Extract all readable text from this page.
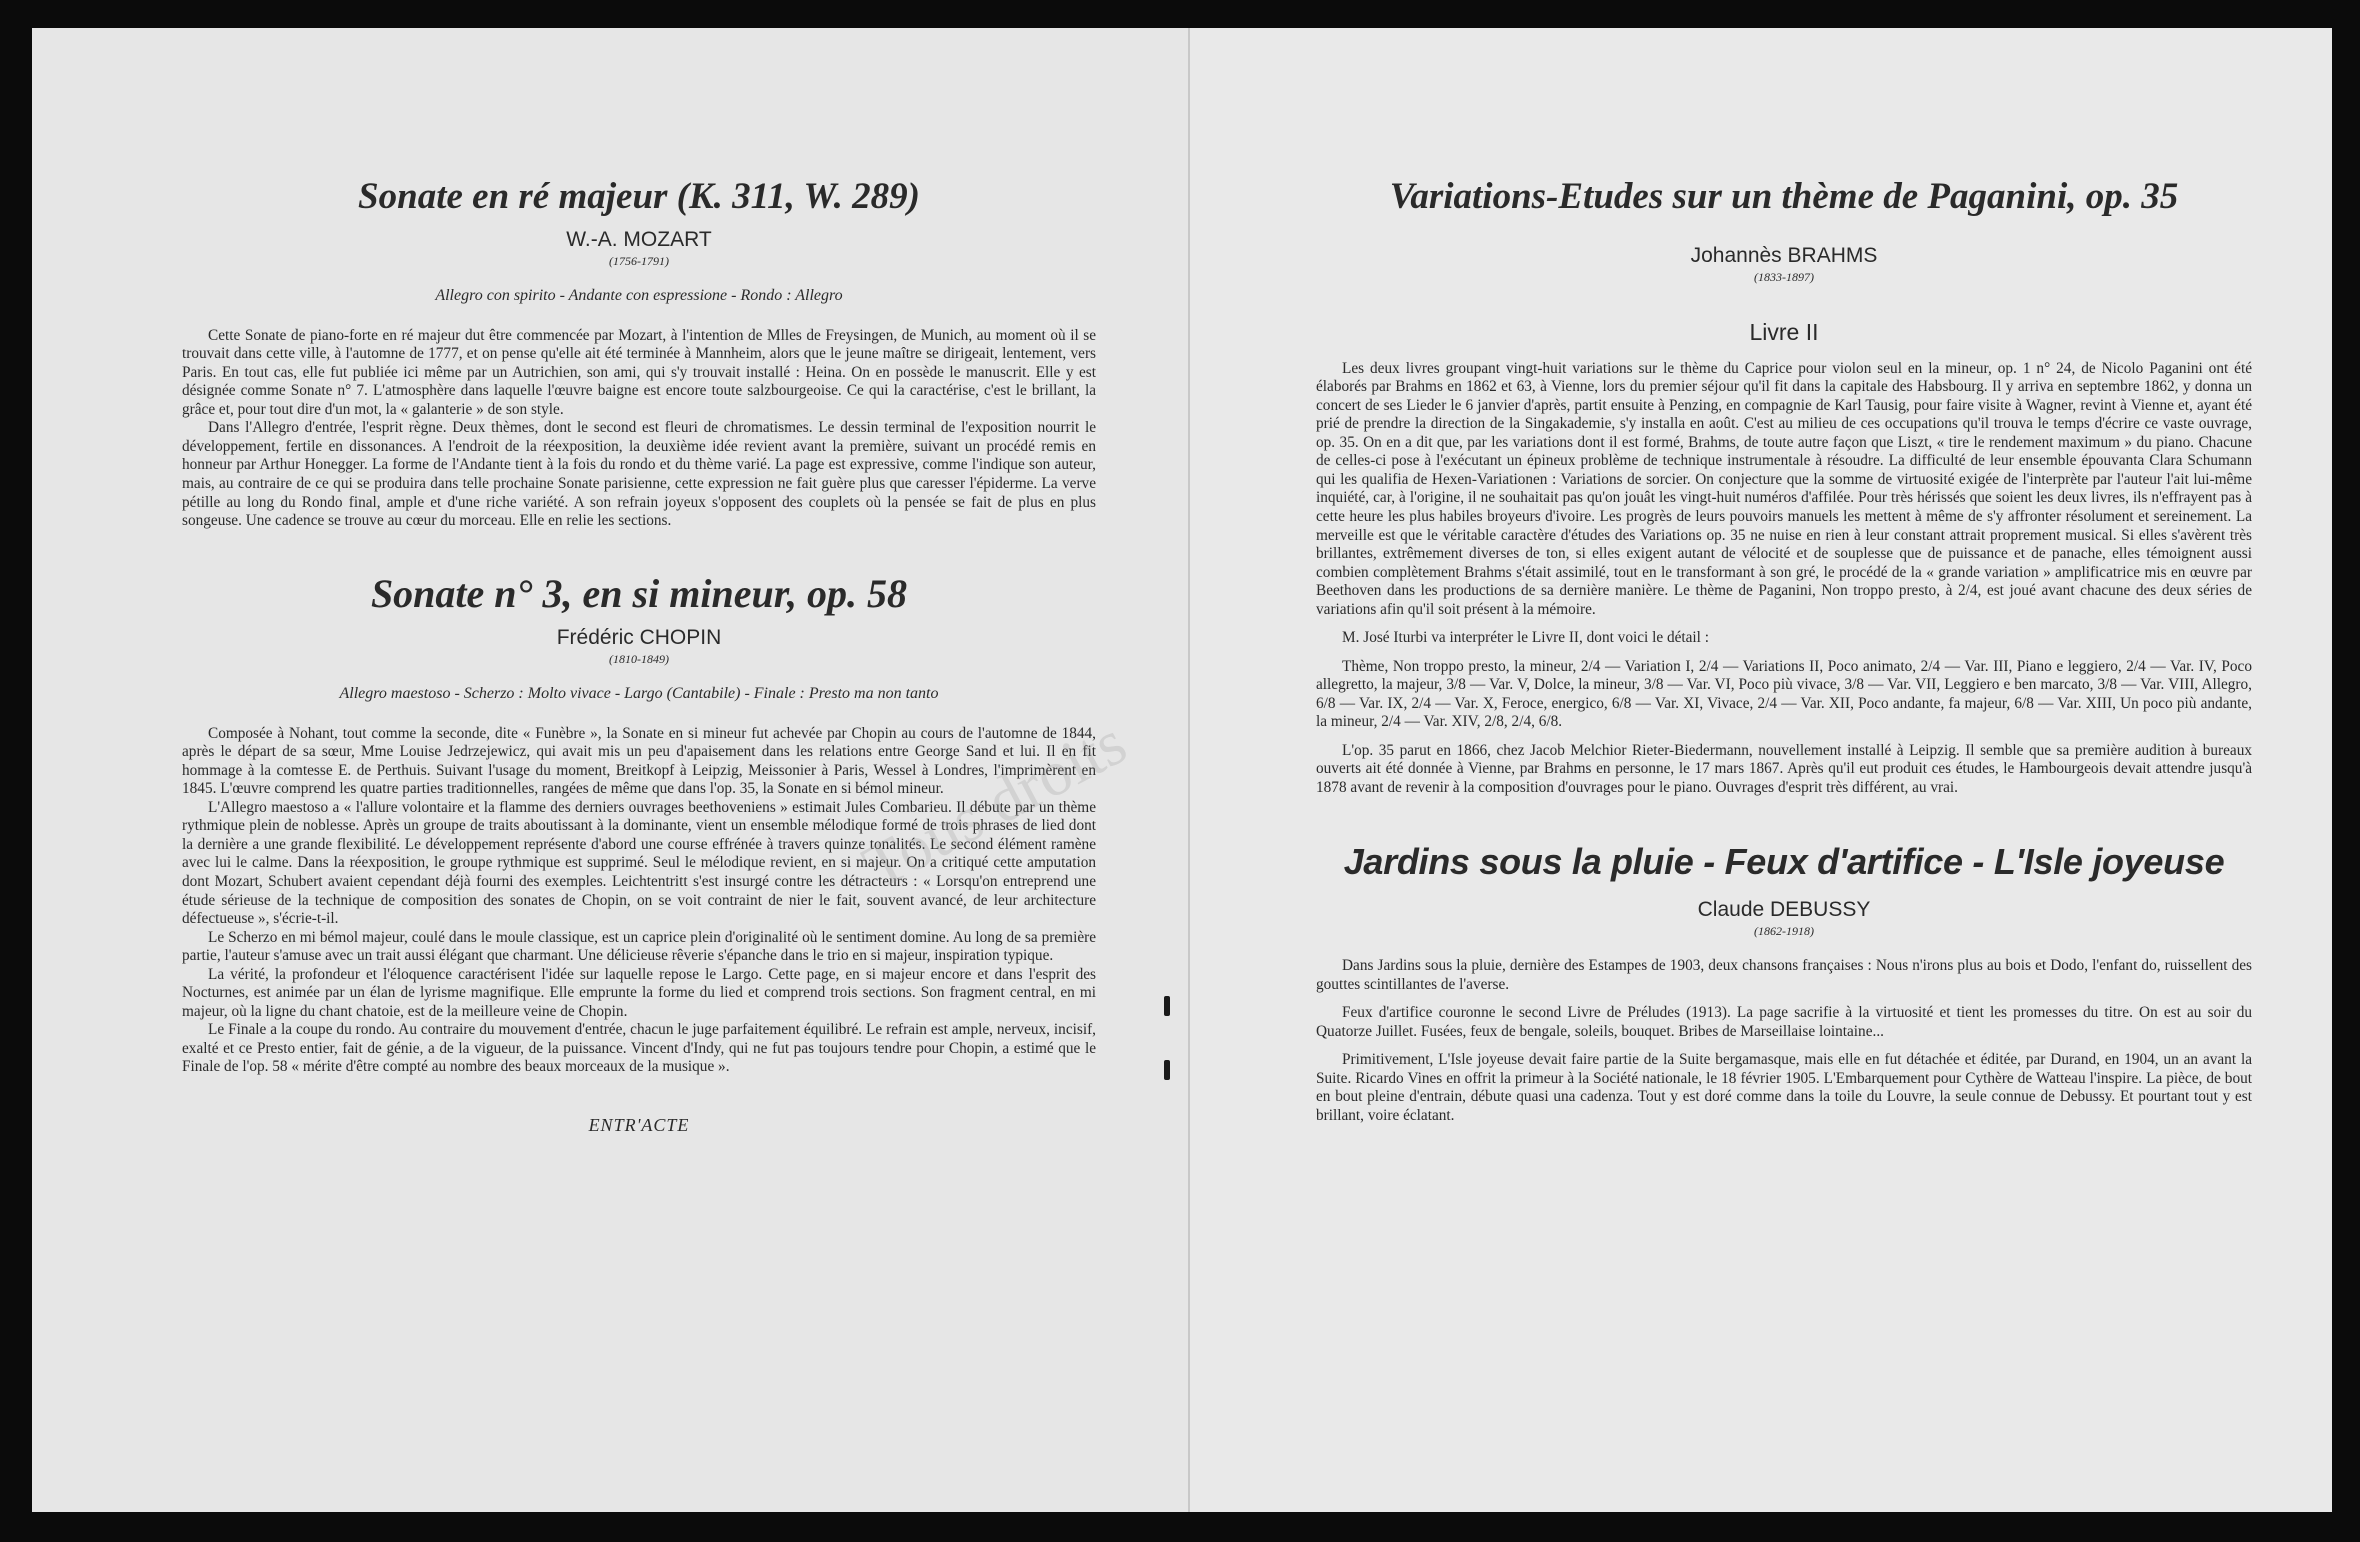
Sonate en ré majeur (K. 311, W. 289)

W.-A. MOZART

(1756-1791)

Allegro con spirito - Andante con espressione - Rondo : Allegro

Cette Sonate de piano-forte en ré majeur dut être commencée par Mozart, à l'intention de Mlles de Freysingen, de Munich, au moment où il se trouvait dans cette ville, à l'automne de 1777, et on pense qu'elle ait été terminée à Mannheim, alors que le jeune maître se dirigeait, lentement, vers Paris. En tout cas, elle fut publiée ici même par un Autrichien, son ami, qui s'y trouvait installé : Heina. On en possède le manuscrit. Elle y est désignée comme Sonate n° 7. L'atmosphère dans laquelle l'œuvre baigne est encore toute salzbourgeoise. Ce qui la caractérise, c'est le brillant, la grâce et, pour tout dire d'un mot, la « galanterie » de son style.

Dans l'Allegro d'entrée, l'esprit règne. Deux thèmes, dont le second est fleuri de chromatismes. Le dessin terminal de l'exposition nourrit le développement, fertile en dissonances. A l'endroit de la réexposition, la deuxième idée revient avant la première, suivant un procédé remis en honneur par Arthur Honegger. La forme de l'Andante tient à la fois du rondo et du thème varié. La page est expressive, comme l'indique son auteur, mais, au contraire de ce qui se produira dans telle prochaine Sonate parisienne, cette expression ne fait guère plus que caresser l'épiderme. La verve pétille au long du Rondo final, ample et d'une riche variété. A son refrain joyeux s'opposent des couplets où la pensée se fait de plus en plus songeuse. Une cadence se trouve au cœur du morceau. Elle en relie les sections.

Sonate n° 3, en si mineur, op. 58

Frédéric CHOPIN

(1810-1849)

Allegro maestoso - Scherzo : Molto vivace - Largo (Cantabile) - Finale : Presto ma non tanto

Composée à Nohant, tout comme la seconde, dite « Funèbre », la Sonate en si mineur fut achevée par Chopin au cours de l'automne de 1844, après le départ de sa sœur, Mme Louise Jedrzejewicz, qui avait mis un peu d'apaisement dans les relations entre George Sand et lui. Il en fit hommage à la comtesse E. de Perthuis. Suivant l'usage du moment, Breitkopf à Leipzig, Meissonier à Paris, Wessel à Londres, l'imprimèrent en 1845. L'œuvre comprend les quatre parties traditionnelles, rangées de même que dans l'op. 35, la Sonate en si bémol mineur.

L'Allegro maestoso a « l'allure volontaire et la flamme des derniers ouvrages beethoveniens » estimait Jules Combarieu. Il débute par un thème rythmique plein de noblesse. Après un groupe de traits aboutissant à la dominante, vient un ensemble mélodique formé de trois phrases de lied dont la dernière a une grande flexibilité. Le développement représente d'abord une course effrénée à travers quinze tonalités. Le second élément ramène avec lui le calme. Dans la réexposition, le groupe rythmique est supprimé. Seul le mélodique revient, en si majeur. On a critiqué cette amputation dont Mozart, Schubert avaient cependant déjà fourni des exemples. Leichtentritt s'est insurgé contre les détracteurs : « Lorsqu'on entreprend une étude sérieuse de la technique de composition des sonates de Chopin, on se voit contraint de nier le fait, souvent avancé, de leur architecture défectueuse », s'écrie-t-il.

Le Scherzo en mi bémol majeur, coulé dans le moule classique, est un caprice plein d'originalité où le sentiment domine. Au long de sa première partie, l'auteur s'amuse avec un trait aussi élégant que charmant. Une délicieuse rêverie s'épanche dans le trio en si majeur, inspiration typique.

La vérité, la profondeur et l'éloquence caractérisent l'idée sur laquelle repose le Largo. Cette page, en si majeur encore et dans l'esprit des Nocturnes, est animée par un élan de lyrisme magnifique. Elle emprunte la forme du lied et comprend trois sections. Son fragment central, en mi majeur, où la ligne du chant chatoie, est de la meilleure veine de Chopin.

Le Finale a la coupe du rondo. Au contraire du mouvement d'entrée, chacun le juge parfaitement équilibré. Le refrain est ample, nerveux, incisif, exalté et ce Presto entier, fait de génie, a de la vigueur, de la puissance. Vincent d'Indy, qui ne fut pas toujours tendre pour Chopin, a estimé que le Finale de l'op. 58 « mérite d'être compté au nombre des beaux morceaux de la musique ».

ENTR'ACTE

Variations-Etudes sur un thème de Paganini, op. 35

Johannès BRAHMS

(1833-1897)

Livre II

Les deux livres groupant vingt-huit variations sur le thème du Caprice pour violon seul en la mineur, op. 1 n° 24, de Nicolo Paganini ont été élaborés par Brahms en 1862 et 63, à Vienne, lors du premier séjour qu'il fit dans la capitale des Habsbourg. Il y arriva en septembre 1862, y donna un concert de ses Lieder le 6 janvier d'après, partit ensuite à Penzing, en compagnie de Karl Tausig, pour faire visite à Wagner, revint à Vienne et, ayant été prié de prendre la direction de la Singakademie, s'y installa en août. C'est au milieu de ces occupations qu'il trouva le temps d'écrire ce vaste ouvrage, op. 35. On en a dit que, par les variations dont il est formé, Brahms, de toute autre façon que Liszt, « tire le rendement maximum » du piano. Chacune de celles-ci pose à l'exécutant un épineux problème de technique instrumentale à résoudre. La difficulté de leur ensemble épouvanta Clara Schumann qui les qualifia de Hexen-Variationen : Variations de sorcier. On conjecture que la somme de virtuosité exigée de l'interprète par l'auteur l'ait lui-même inquiété, car, à l'origine, il ne souhaitait pas qu'on jouât les vingt-huit numéros d'affilée. Pour très hérissés que soient les deux livres, ils n'effrayent pas à cette heure les plus habiles broyeurs d'ivoire. Les progrès de leurs pouvoirs manuels les mettent à même de s'y affronter résolument et sereinement. La merveille est que le véritable caractère d'études des Variations op. 35 ne nuise en rien à leur constant attrait proprement musical. Si elles s'avèrent très brillantes, extrêmement diverses de ton, si elles exigent autant de vélocité et de souplesse que de puissance et de panache, elles témoignent aussi combien complètement Brahms s'était assimilé, tout en le transformant à son gré, le procédé de la « grande variation » amplificatrice mis en œuvre par Beethoven dans les productions de sa dernière manière. Le thème de Paganini, Non troppo presto, à 2/4, est joué avant chacune des deux séries de variations afin qu'il soit présent à la mémoire.

M. José Iturbi va interpréter le Livre II, dont voici le détail :

Thème, Non troppo presto, la mineur, 2/4 — Variation I, 2/4 — Variations II, Poco animato, 2/4 — Var. III, Piano e leggiero, 2/4 — Var. IV, Poco allegretto, la majeur, 3/8 — Var. V, Dolce, la mineur, 3/8 — Var. VI, Poco più vivace, 3/8 — Var. VII, Leggiero e ben marcato, 3/8 — Var. VIII, Allegro, 6/8 — Var. IX, 2/4 — Var. X, Feroce, energico, 6/8 — Var. XI, Vivace, 2/4 — Var. XII, Poco andante, fa majeur, 6/8 — Var. XIII, Un poco più andante, la mineur, 2/4 — Var. XIV, 2/8, 2/4, 6/8.

L'op. 35 parut en 1866, chez Jacob Melchior Rieter-Biedermann, nouvellement installé à Leipzig. Il semble que sa première audition à bureaux ouverts ait été donnée à Vienne, par Brahms en personne, le 17 mars 1867. Après qu'il eut produit ces études, le Hambourgeois devait attendre jusqu'à 1878 avant de revenir à la composition d'ouvrages pour le piano. Ouvrages d'esprit très différent, au vrai.

Jardins sous la pluie - Feux d'artifice - L'Isle joyeuse

Claude DEBUSSY

(1862-1918)

Dans Jardins sous la pluie, dernière des Estampes de 1903, deux chansons françaises : Nous n'irons plus au bois et Dodo, l'enfant do, ruissellent des gouttes scintillantes de l'averse.

Feux d'artifice couronne le second Livre de Préludes (1913). La page sacrifie à la virtuosité et tient les promesses du titre. On est au soir du Quatorze Juillet. Fusées, feux de bengale, soleils, bouquet. Bribes de Marseillaise lointaine...

Primitivement, L'Isle joyeuse devait faire partie de la Suite bergamasque, mais elle en fut détachée et éditée, par Durand, en 1904, un an avant la Suite. Ricardo Vines en offrit la primeur à la Société nationale, le 18 février 1905. L'Embarquement pour Cythère de Watteau l'inspire. La pièce, de bout en bout pleine d'entrain, débute quasi una cadenza. Tout y est doré comme dans la toile du Louvre, la seule connue de Debussy. Et pourtant tout y est brillant, voire éclatant.

Tous droits
